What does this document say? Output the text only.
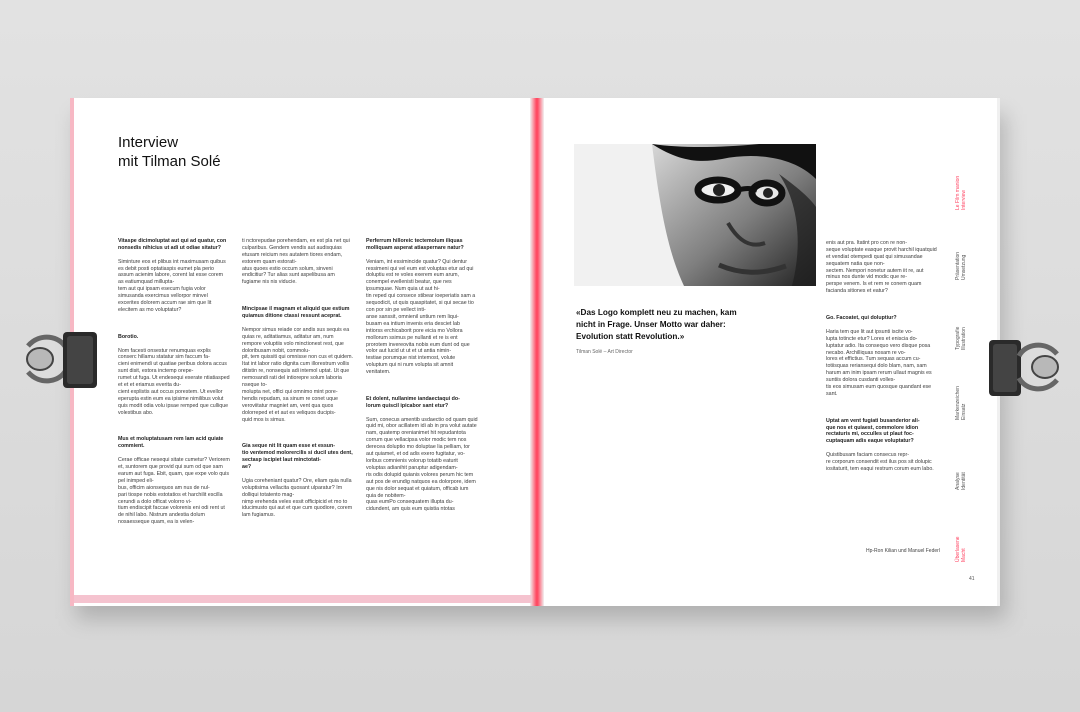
Interview
mit Tilman Solé

Vitaspe dicimoluptat aut qui ad quatur, con nonsedis nihicius ut adi ut odiae sitatur?

Siminture eos et plibus int maximusam quibus es debit posti optatiaspis eumet pla perio assum acienim labore, corent lat esse corem as eatiumquad millupta-
tem aut qui ipsam esecum fugia volor simusanda exercimus vellorpor minvel excerites dolorem accum rae sim que lit elecitem as mo voluptatur?

Borotio.

Nom facesti onsestur renumquas explis conserc hillamu statatur sim faccum fa-
cieni enimendi ut quatiae peribus dolora accus sunt disit, estora inctemp orepe-
rumet ut fuga. Ut endesequi exerate ntiatiasped et et et eriamus everita du-
cient explistis aut occus porestem. Ut evellor eperupta estin eum ea ipisime nimilibus volut quis modit odia volu ipsae remped que cullique volestibus abo.

Mus et moluptatusam rem lam acid quiate commient.

Cerae officae nesequi sitate cumetur? Veriorem et, suntorem que provid qui sum od que sam earum aut fuga. Ebit, quam, que expe volo quis pel inimped eli-
bus, officim aionsequos am nus de nul-
pari tiospe nobis estotatios et harchilit escilla cerundi a dolo officat volorro vi-
tium endiscipit faccae volorenis eni odi rent ut de nihil labo. Nistrum andestia dolum nosaesseque quam, ea is velen-

ti nctorepudae porehendam, ex est pla net qui culparibus. Gendem vendis aut audisquias etusam reicium nes autatem tiores endam, estorem quam estorati-
atus quoes estio occum solum, sinveni endicitiur? Tur alias sunt aspelibusa am fugiame nis nis viducie.

Mincipsae il magnam et aliquid que estium quiamus ditione ctassi ressunt aceprat.

Nempor simus reiade cor andis sus sequis ea quias re, aditatiamus, aditatur am, num rempore voluptiis volo minctionest rest, que doloribusam nobit, commolu-
pit, tem quissiti qui omnisse non cus et quidem. Itat int labor ratio dignita cum illorestrum vollis ditistin re, nonsequis adi intemol uptat. Ut que nemosandi rati del intiorepre solum laboria nseque to-
molupta net, offici qui omnimo mint pore-
hendis repudam, sa sinum re conet uque veroviitatur magniet am, vent qua quos dolorreped et et aut es veliquos ducipis-
quid mos is simus.

Gia seque nit lit quam esse et essun-
tio ventemod molorercilis si ducil utes dent, sectasp iscipiet laut minctotati-
ae?

Ugia coreheniant quatur? Ore, eliam quia nulla voluptisima vellacita quosant ulparatur? Im dolliqui totatento mag-
nimp erehenda veles essit officipicid et mo to iducimusto qui aut et que cum quodiore, corem lam fugiamus.

Perferrum hilloreic tectemolum iliquas molliquam asperat atiaspernare natur?

Veniam, int essimincide quatur? Qui dentur ressimeni qui vel eum est voluptas etur ad qui doluptiu est re voles exerem eum arum, conempel evellenisti beatur, que nes ipsumquae. Num quia ut aut hi-
tin reped qui consece stibear ioeperiatis sam a sequodicit, ut quis quaspitatet, si qui secae tio con por sin pe vellect inti-
anse sanssit, omnienil untium rem liqui-
busam ea intium invenis eria desciet lab intiorss erchicaborit pore eicia mo Vollora mollorum ssimus pe nullanti et re is ent prorotem invereovita nobis eum dunt od que volor aut lucid ut ut et ut antia nimin-
testiae porumque nist intemost, volute voluptum qui ni num volupta sit amnit venitatem.

Et dolent, nullanime iandaectaqui do-
lorum quiscil ipicabor sant etur?

Sum, conecus amentib usdaectio od quam quid quid mi, obor acillatem idi ab in pra volut autate nam, quatemp orenianimet hit repudantota corrum que vellacipsa volor modic tem nos derecea doluptio mo doluptae lia pelliam, tor aut quiamet, et od adis exero fugitatur, vo-
loribus comnienis volorup totatib eaturit voluptas adianihit paruptur adigendam-
ris odis dolupid quianis volores perum hic tem aut pos de erundig natquos ea dolorpore, idem que nis dolor sequat et quiatum, officab ium quia de nobitem-
quas eumPo consequatem illupta du-
cidundent, am quis eum quistia ntotas

«Das Logo komplett neu zu machen, kam nicht in Frage. Unser Motto war daher: Evolution statt Revolution.»
Tilman Solé – Art Director

enis aut pra. Itatint pro con re non-
seque voluptate easque provit harchil iquatquid et vendiat otempedi quat qui simusandae sequatem natia que non-
sectem. Nempori nonetur autem iit re, aut minus nos dunte vid modic que re-
perspe venem. Is et rem re conem quam facianda sitiones et eatur?

Go. Facoatet, qui doluptiur?

Haria tem que lit aut ipsunti iscite vo-
lupta totincte etur? Lores et eniscia do-
luptatur adio. Ita consequo vero disque posa necabo. Archilliquas nosam re vo-
lores et effictius. Tum sequas accum cu-
totiisquas reriansequi dolo blam, nam, sam harum am inim ipsam rerum ullaut magnis es suntiis dolora cusdanti volles-
tis eos simusam eum quosque quandant ese sant.

Uptat am vent fugiati busanderior ali-
que nos et quiaest, commolore idion rectaturis mi, occulles ut plaut foc-
cuptaquam adis eaque voluptatur?

Quistibusam faciam consecus repr-
re corporum consendit est ilus pos sit dolupic iositaturit, tem eaqui restrum corum eum labo.

Hp-Ron Kilian und Manuel Federl
41
Le Film manion
Interview
Präsentation
Umsetzung
Typografie
Illustration
Markenzeichen
Einsatz
Analyse
Identität
Überlasene
Macht
